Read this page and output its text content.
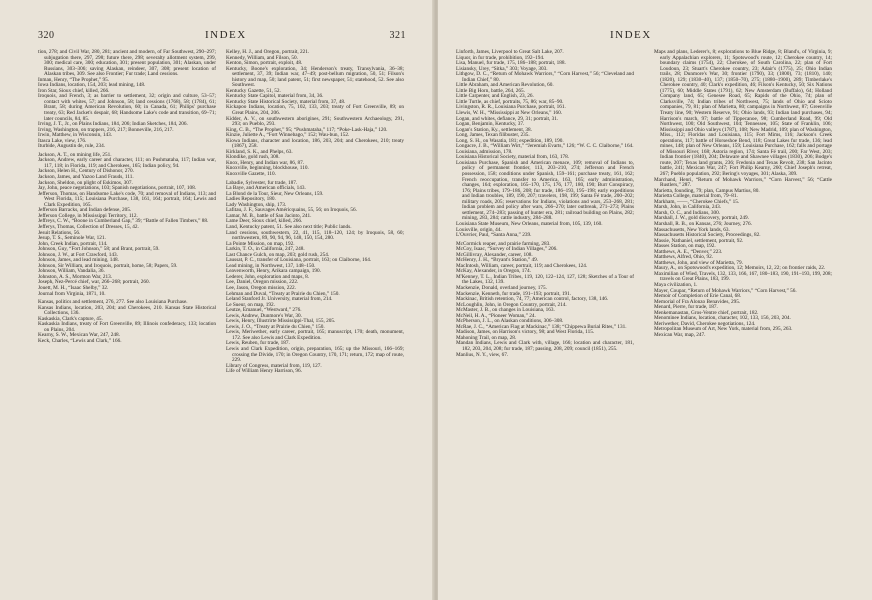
320	INDEX

tion, 278; and Civil War, 280, 281; ancient and modern, of Far Southwest, 290–297; subjugation there, 297, 298; future there, 298; severalty allotment system, 299, 300; medical care, 300; education, 301; present population, 301; Alaskan, under Russians, 303–306; saving Alaskan, reindeer, 307, 308; present location of Alaskan tribes, 309. See also Frontier; Fur trade; Land cessions.

Inman, Henry, “The Prophet,” 95.

Iowa Indians, location, 154, 203; lead mining, 148.

Iron Star, Sioux chief, killed, 266.

Iroquois, and French, 3; as barrier to settlement, 32; origin and culture, 53–57; contact with whites, 57; and Johnson, 58; land cessions (1768), 58; (1784), 61; Brant, 58; during American Revolution, 60; in Canada, 61; Philips' purchase treaty, 63; Red Jacket's despair, 68; Handsome Lake's code and transition, 69–71; later councils, 84, 85.

Irving, J. T., Jr., on Plains Indians, 184, 206; Indian Sketches, 184, 206.

Irving, Washington, on trappers, 216, 217; Bonneville, 216, 217.

Irwin, Matthew, in Wisconsin, 143.

Itasca Lake, view, 176.

Iturbide, Augustin de, rule, 234.

Jackson, A. T., on mining life, 251.

Jackson, Andrew, early career and character, 111; on Pushmataha, 117; Indian war, 117, 118; in Florida, 119; and Cherokees, 165; Indian policy, 94.

Jackson, Helen H., Century of Dishonor, 270.

Jackson, James, and Yazoo Land Frauds, 111.

Jackson, Sheldon, on plight of Eskimos, 307.

Jay, John, peace negotiations, 103; Spanish negotiations, portrait, 107, 108.

Jefferson, Thomas, on Handsome Lake's code, 70; and removal of Indians, 113; and West Florida, 115; Louisiana Purchase, 138, 161, 164; portrait, 164; Lewis and Clark Expedition, 165.

Jefferson Barracks, and Indian defense, 205.

Jefferson College, in Mississippi Territory, 112.

Jeffreys, C. W., “Boone in Cumberland Gap,” 39; “Battle of Fallen Timbers,” 88.

Jefferys, Thomas, Collection of Dresses, 15, 42.

Jesuit Relations, 56.

Jesup, T. S., Seminole War, 121.

John, Creek Indian, portrait, 114.

Johnson, Guy, “Fort Johnson,” 58; and Brant, portrait, 59.

Johnson, J. W., at Fort Crawford, 143.

Johnson, James, and lead mining, 148.

Johnson, Sir William, and Iroquois, portrait, home, 58; Papers, 59.

Johnson, William, Vandalia, 36.

Johnston, A. S., Mormon War, 213.

Joseph, Nez-Percé chief, war, 266–268; portrait, 260.

Jouett, M. H., “Isaac Shelby,” 32.

Journal from Virginia, 1871, 10.

Kansas, politics and settlement, 276, 277. See also Louisiana Purchase.

Kansas Indians, location, 203, 204; and Cherokees, 210. Kansas State Historical Collections, 136.

Kaskaskia, Clark's capture, 45.

Kaskaskia Indians, treaty of Fort Greenville, 89; Illinois confederacy, 133; location on Plains, 204.

Kearny, S. W., Mexican War, 247, 248.

Keck, Charles, “Lewis and Clark,” 166.

Kelley, H. J., and Oregon, portrait, 221.

Kennedy, William, and Filson, 50.

Kenton, Simon, portrait, exploit, 48.

Kentucky, Boone's exploration, 34; Henderson's treaty, Transylvania, 36–38; settlement, 37, 39; Indian war, 47–49; post-bellum migration, 50, 51; Filson's history and map, 50; land patent, 51; first newspaper, 51; statehood, 52. See also Southwest.

Kentucky Gazette, 51, 52.

Kentucky State Capitol, material from, 34, 36.

Kentucky State Historical Society, material from, 37, 48.

Kickapoo Indians, location, 75, 102, 133, 203; treaty of Fort Greenville, 89; on Great Plains, 204, 206.

Kidder, A. V., on southwestern aborigines, 291; Southwestern Archaeology, 291, 293; on Pueblo, 293.

King, C. B., “The Prophet,” 95; “Pushmataha,” 117; “Poke-Lask-Haja,” 120.

Kinzie, Juliette A., “Fort Winnebago,” 152; Wau-bun, 152.

Kiowa Indians, character and location, 186, 203, 204; and Cherokees, 210; treaty (1867), 258.

Kirkland, S. K., and Phelps, 63.

Klondike, gold rush, 308.

Knox, Henry, and Indian war, 86, 87.

Knoxville, beginning, blockhouse, 110.

Knoxville Gazette, 110.

Labadie, Sylvester, fur trade, 187.

La Baye, and American officials, 143.

La Blond de la Tour, Sieur, New Orleans, 159.

Ladies Repository, 180.

Lady Washington, ship, 173.

Lafitau, J. F., Sauvages Américquains, 55, 56; on Iroquois, 56.

Lamar, M. B., battle of San Jacinto, 241.

Lame Deer, Sioux chief, killed, 266.

Land, Kentucky patent, 51. See also next title; Public lands.

Land cessions, southwestern, 22, 41, 115, 118–120, 124; by Iroquois, 58, 60; northwestern, 89, 90, 94, 96, 148, 150, 154, 280.

La Pointe Mission, on map, 192.

Larkin, T. O., in California, 247, 248.

Last Chance Gulch, on map, 203; gold rush, 254.

Laussat, P. C., transfer of Louisiana, portrait, 163; on Claiborne, 164.

Lead mining, in Northwest, 137, 148–150.

Leavenworth, Henry, Arikara campaign, 190.

Lederer, John, exploration and maps, 8.

Lee, Daniel, Oregon mission, 222.

Lee, Jason, Oregon mission, 222.

Lehman and Duval, “Treaty at Prairie du Chien,” 150.

Leland Stanford Jr. University, material from, 214.

Le Sueur, on map, 192.

Leutze, Emanuel, “Westward,” 276.

Lewis, Andrew, Dunmore's War, 30.

Lewis, Henry, Illustrirte Mississippi-Thal, 155, 205.

Lewis, J. O., “Treaty at Prairie du Chien,” 150.

Lewis, Meriwether, early career, portrait, 165; manuscript, 170; death, monument, 172. See also Lewis and Clark Expedition.

Lewis, Reuben, fur trade, 187.

Lewis and Clark Expedition, origin, preparation, 165; up the Missouri, 166–169; crossing the Divide, 170; in Oregon Country, 170, 171; return, 172; map of route, 229.

Library of Congress, material from, 119, 127.

Life of William Henry Harrison, 96.

INDEX
321

Linforth, James, Liverpool to Great Salt Lake, 207.

Liquor, in fur trade, prohibition, 192–194.

Lisa, Manuel, fur trade, 175, 186–188; portrait, 188.

Lisiansky, Urey, “Sitka,” 303; Voyage, 303.

Lithgow, D. C., “Return of Mohawk Warriors,” “Corn Harvest,” 56; “Cleveland and Indian Chief,” 80.

Little Abraham, and American Revolution, 60.

Little Big Horn, battle, 264, 265.

Little Carpenter, and English, 23, 26.

Little Turtle, as chief, portraits, 75, 86; war, 85–90.

Livingston, R. R., Louisiana Purchase, portrait, 161.

Llewis, W. H., “Mississippi at New Orleans,” 160.

Logan, and whites, defiance, 29, 31; portrait, 31.

Logan, Benjamin, Kentucky, 37.

Logan's Station, Ky., settlement, 38.

Long, James, Texan filibuster, 235.

Long, S. H., on Wasatia, 181; expedition, 189, 190.

Longacre, J. B., “William Wirt,” “Jeremiah Evarts,” 126; “W. C. C. Claiborne,” 164.

Louisiana, admission, 178.

Louisiana Historical Society, material from, 163, 178.

Louisiana Purchase, Spanish and American menace, 109; removal of Indians to, policy of permanent frontier, 113, 203–210, 274; Jefferson and French possession, 158; conditions under Spanish, 159–161; purchase treaty, 161, 162; French reoccupation, transfer to America, 163, 165; early administration, changes, 164; exploration, 165–170, 175, 176, 177, 180, 190; Burr Conspiracy, 176; Plains tribes, 179–186, 208; fur trade, 186–193, 195–198; early expeditions and Indian troubles, 189, 190, 207; travelers, 198, 199; Santa Fé trade, 200–202; military roads, 205; reservations for Indians, violations and wars, 253–268, 281; Indian problem and policy after wars, 266–270; later outbreak, 271–273; Plains settlement, 274–283; passing of hunter era, 281; railroad building on Plains, 282; mining, 283, 284; cattle industry, 284–288.

Louisiana State Museum, New Orleans, material from, 105, 139, 160.

Louisville, origin, 44.

L'Ouvrier, Paul, “Santa Anna,” 239.

McCormick reaper, and prairie farming, 283.

McCoy, Isaac, “Survey of Indian Villages,” 206.

McGillivray, Alexander, career, 108.

McHenry, J. H., “Bryant's Station,” 49.

MacIntosh, William, career, portrait, 119; and Cherokees, 124.

McKay, Alexander, in Oregon, 174.

M'Kenney, T. L., Indian Tribes, 119, 120, 122–124, 127, 128; Sketches of a Tour of the Lakes, 132, 139.

Mackenzie, Donald, overland journey, 175.

Mackenzie, Kenneth, fur trade, 191–193; portrait, 191.

Mackinac, British retention, 74, 77; American control, factory, 138, 146.

McLoughlin, John, in Oregon Country, portrait, 214.

McMaster, J. B., on changes in Louisiana, 163.

McNeil, H. A., “Pioneer Woman,” 24.

McPherson, J. L., on Alaskan conditions, 306–308.

McRae, J. C., “American Flag at Mackinac,” 138; “Chippewa Burial Rites,” 131.

Madison, James, on Harrison's victory, 98; and West Florida, 115.

Mahoning Trail, on map, 28.

Mandan Indians, Lewis and Clark with, village, 166; location and character, 181, 182, 203, 204, 208; fur trade, 187; passing, 208, 209; council (1851), 255.

Manlius, N. Y., view, 67.

Maps and plans, Lederer's, 8; explorations to Blue Ridge, 8; Bland's, of Virginia, 9; early Appalachian explorers, 11; Spotswood's route, 12; Cherokee country, 14; boundary claims (1754), 22; Cherokee, of South Carolina, 22; plan of Fort Loudoun, 23; Stuart's Cherokee country, 23; Adair's (1775), 25; Ohio Indian trails, 28; Dunmore's War, 30; frontier (1790), 33; (1800), 73; (1810), 140; (1820), 129; (1830–40), 137; (1850–70), 275; (1880–1900), 289; Timberlake's Cherokee country, 40; Clark's expedition, 46; Filson's Kentucky, 50; Six Nations (1775), 60; Middle States (1791), 62; New Amsterdam (Buffalo), 64; Holland Company land, 65; Genesee Road, 65; Rapids of the Ohio, 74; plan of Clarksville, 74; Indian tribes of Northwest, 75; lands of Ohio and Scioto companies, 79, 81; plan of Marietta, 80; campaigns in Northwest, 87; Greenville Treaty line, 90; Western Reserve, 91; Ohio lands, 93; Indian land purchases, 94; Harrison's march, 97; battle of Tippecanoe, 98; Cumberland Road, 99; Old Northwest, 100; Old Southwest, 104; Tennessee, 105; State of Franklin, 106; Mississippi and Ohio valleys (1787), 108; New Madrid, 109; plan of Washington, Miss., 112; Floridas and Louisiana, 115; Fort Mims, 116; Jackson's Creek operations, 117; battle of Horseshoe Bend, 118; Great Lakes fur trade, 136; lead mines, 148; plan of New Orleans, 159; Louisiana Purchase, 162; falls and portage of Missouri River, 168; Astoria region, 174; Santa Fé trail, 200; Far West, 203; Indian frontier (1840), 204; Delaware and Shawnee villages (1830), 206; Bodge's route, 207; Texas land grants, 236; Fredonia and Texas Revolt, 238; San Jacinto battle, 241; Mexican War, 247; Fort Philip Kearny, 260; Chief Joseph's retreat, 267; Pueblo population, 292; Bering's voyages, 301; Alaska, 309.

Marchand, Henri, “Return of Mohawk Warriors,” “Corn Harvest,” 56; “Cattle Rustlers,” 287.

Marietta, founding, 79; plan, Campus Martius, 80.

Marietta College, material from, 79–81.

Markham, ——, “Cherokee Chiefs,” 15.

Marsh, John, in California, 243.

Marsh, O. C., and Indians, 300.

Marshall, J. W., gold discovery, portrait, 249.

Marshall, R. B., on Kansas, 276; Journey, 276.

Massachusetts, New York lands, 63.

Massachusetts Historical Society, Proceedings, 82.

Massie, Nathaniel, settlement, portrait, 92.

Masses Station, on map, 192.

Matthews, A. E., “Denver,” 223.

Matthews, Alfred, Ohio, 92.

Matthews, John, and view of Marietta, 79.

Maury, A., on Spotswood's expedition, 12; Memoirs, 12, 22; on frontier raids, 22.

Maximilian of Wied, Travels, 132, 133, 166, 167, 180–183, 190, 191–193, 199, 208; travels on Great Plains, 183, 199.

Maya civilization, 1.

Mayer, Coupar, “Return of Mohawk Warriors,” “Corn Harvest,” 56.

Memoir of Completion of Erie Canal, 68.

Memorial of Fra Alonzo Benavides, 295.

Menard, Pierre, fur trade, 187.

Menkemanastan, Gros-Ventre chief, portrait, 182.

Menominee Indians, location, character, 102, 133, 156, 203, 204.

Meriwether, David, Cherokee negotiations, 124.

Metropolitan Museum of Art, New York, material from, 295, 263.

Mexican War, map, 247.
